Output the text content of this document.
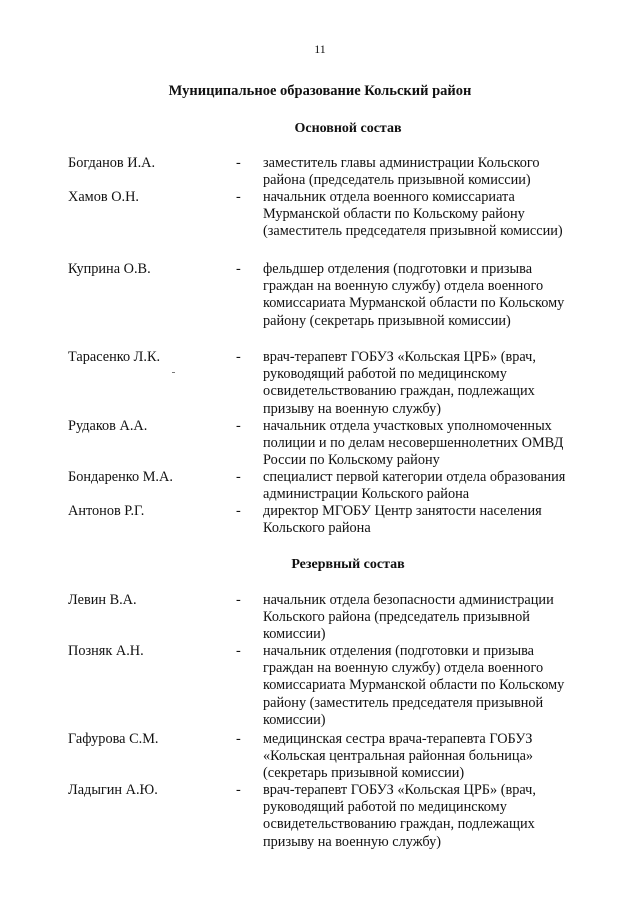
11
Муниципальное образование Кольский район
Основной состав
Богданов И.А.	- заместитель главы администрации Кольского района (председатель призывной комиссии)
Хамов О.Н.	- начальник отдела военного комиссариата Мурманской области по Кольскому району (заместитель председателя призывной комиссии)
Куприна О.В.	- фельдшер отделения (подготовки и призыва граждан на военную службу) отдела военного комиссариата Мурманской области по Кольскому району (секретарь призывной комиссии)
Тарасенко Л.К.	- врач-терапевт ГОБУЗ «Кольская ЦРБ» (врач, руководящий работой по медицинскому освидетельствованию граждан, подлежащих призыву на военную службу)
Рудаков А.А.	- начальник отдела участковых уполномоченных полиции и по делам несовершеннолетних ОМВД России по Кольскому району
Бондаренко М.А.	- специалист первой категории отдела образования администрации Кольского района
Антонов Р.Г.	- директор МГОБУ Центр занятости населения Кольского района
Резервный состав
Левин В.А.	- начальник отдела безопасности администрации Кольского района (председатель призывной комиссии)
Позняк А.Н.	- начальник отделения (подготовки и призыва граждан на военную службу) отдела военного комиссариата Мурманской области по Кольскому району (заместитель председателя призывной комиссии)
Гафурова С.М.	- медицинская сестра врача-терапевта ГОБУЗ «Кольская центральная районная больница» (секретарь призывной комиссии)
Ладыгин А.Ю.	- врач-терапевт ГОБУЗ «Кольская ЦРБ» (врач, руководящий работой по медицинскому освидетельствованию граждан, подлежащих призыву на военную службу)
